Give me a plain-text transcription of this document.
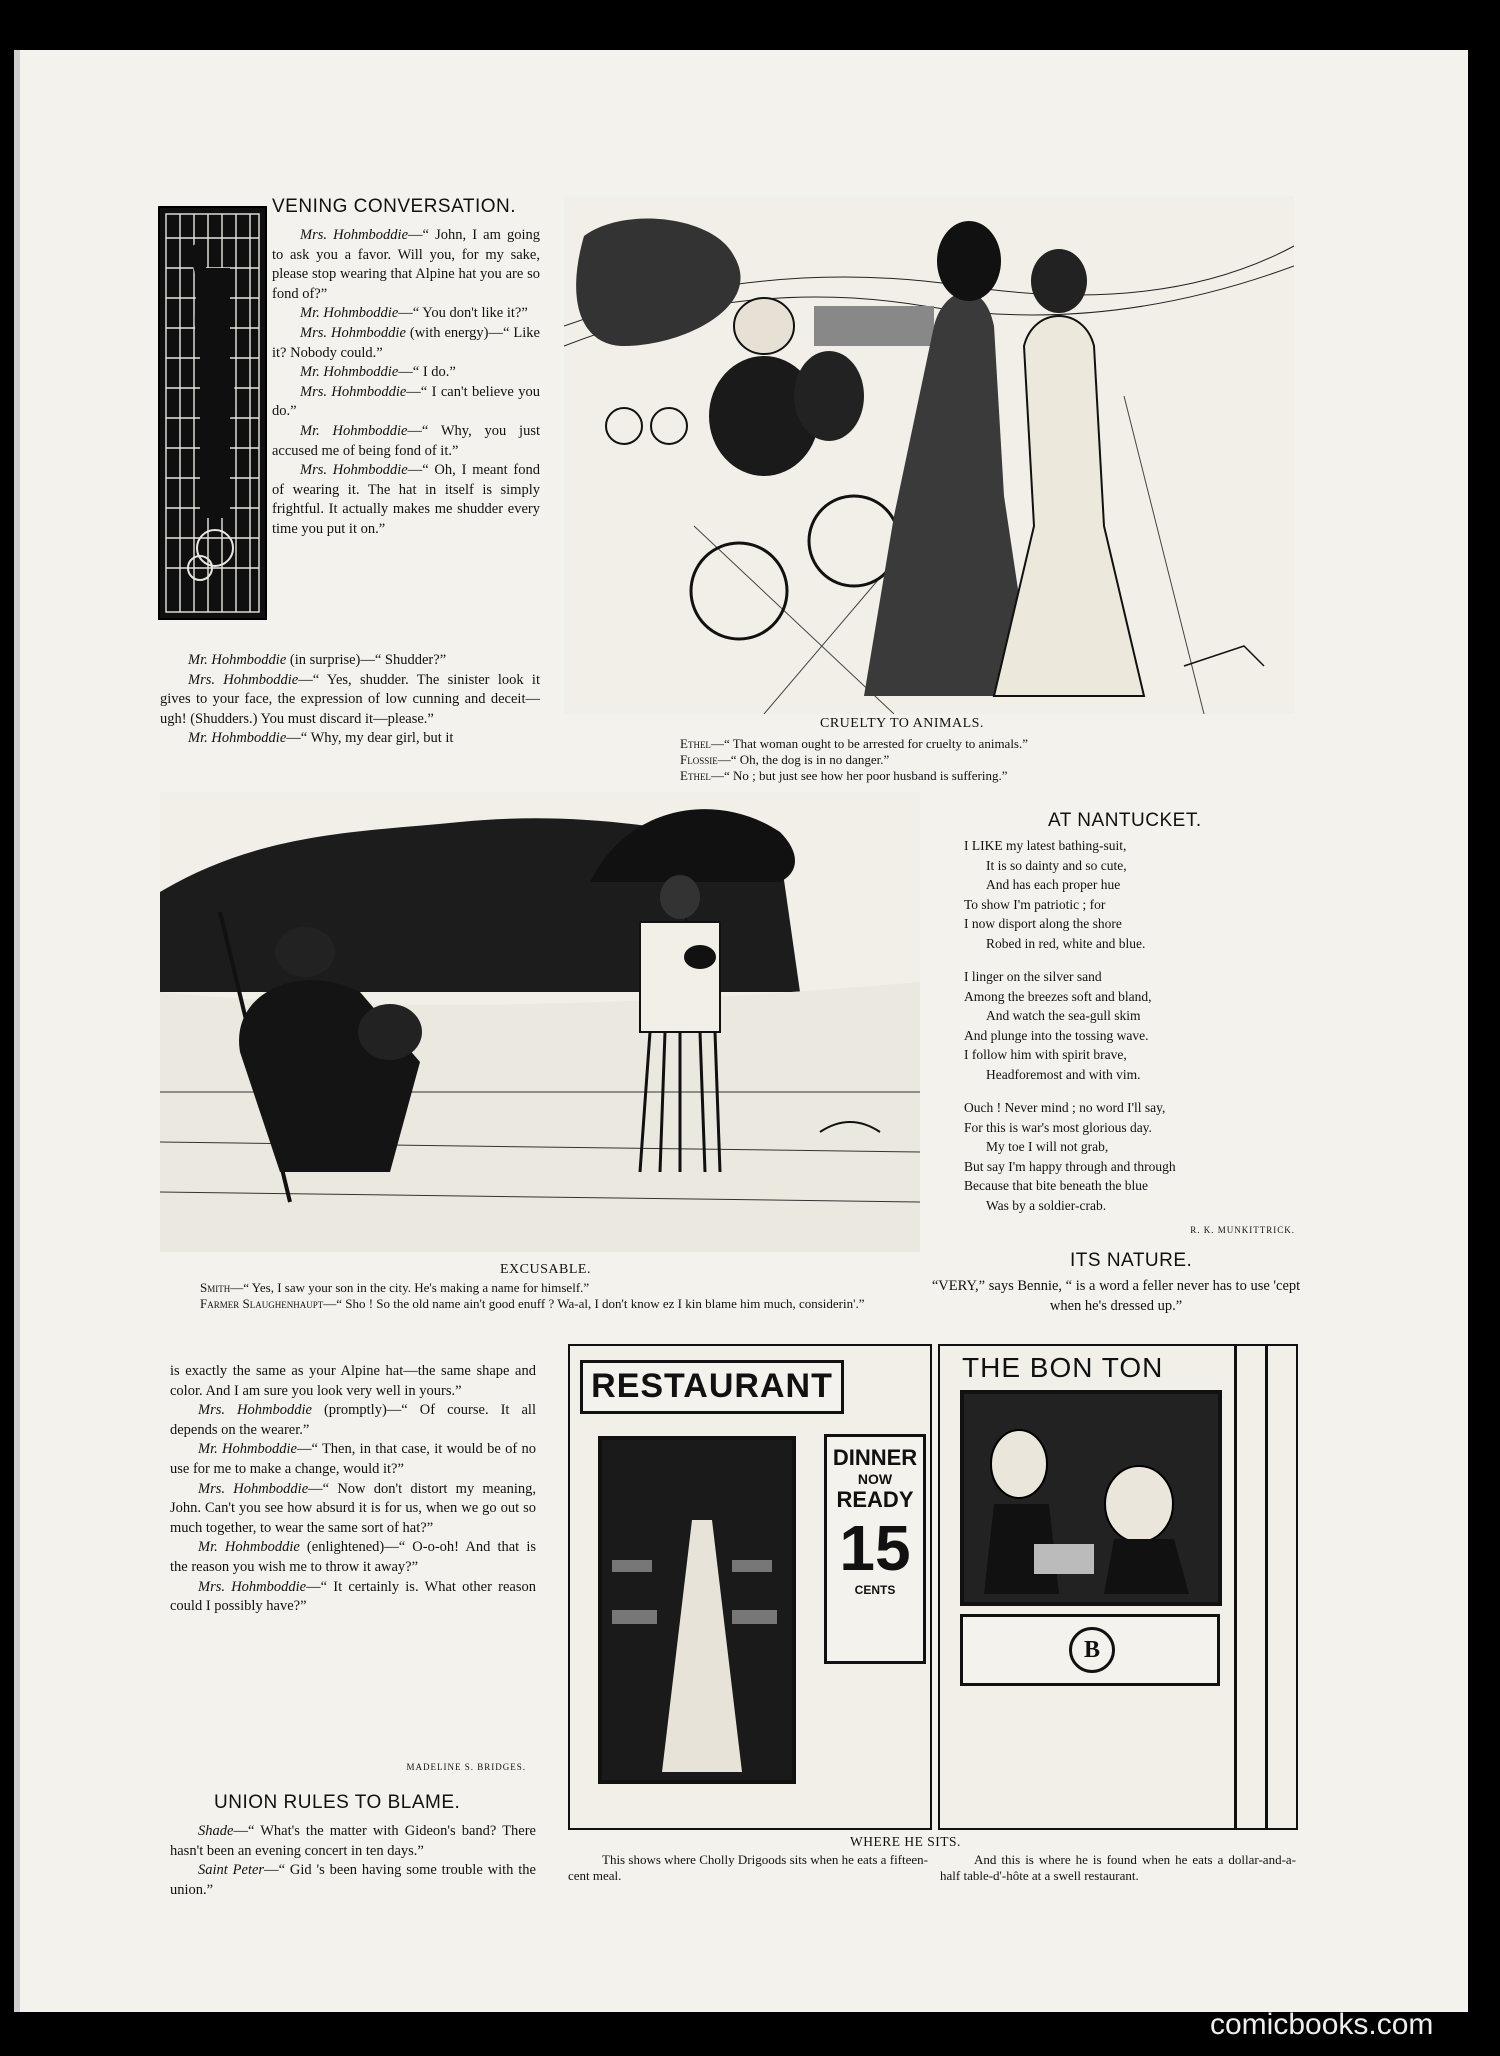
VENING CONVERSATION.

Mrs. Hohmboddie—“ John, I am going to ask you a favor. Will you, for my sake, please stop wearing that Alpine hat you are so fond of?”

Mr. Hohmboddie—“ You don't like it?”

Mrs. Hohmboddie (with energy)—“ Like it? Nobody could.”

Mr. Hohmboddie—“ I do.”

Mrs. Hohmboddie—“ I can't believe you do.”

Mr. Hohmboddie—“ Why, you just accused me of being fond of it.”

Mrs. Hohmboddie—“ Oh, I meant fond of wearing it. The hat in itself is simply frightful. It actually makes me shudder every time you put it on.”

Mr. Hohmboddie (in surprise)—“ Shudder?”

Mrs. Hohmboddie—“ Yes, shudder. The sinister look it gives to your face, the expression of low cunning and deceit—ugh! (Shudders.) You must discard it—please.”

Mr. Hohmboddie—“ Why, my dear girl, but it

CRUELTY TO ANIMALS.
Ethel—“ That woman ought to be arrested for cruelty to animals.”
Flossie—“ Oh, the dog is in no danger.”
Ethel—“ No ; but just see how her poor husband is suffering.”
EXCUSABLE.
Smith—“ Yes, I saw your son in the city. He's making a name for himself.”
Farmer Slaughenhaupt—“ Sho ! So the old name ain't good enuff ? Wa-al, I don't know ez I kin blame him much, considerin'.”
AT NANTUCKET.
I LIKE my latest bathing-suit,
It is so dainty and so cute,
And has each proper hue
To show I'm patriotic ; for
I now disport along the shore
Robed in red, white and blue.
I linger on the silver sand
Among the breezes soft and bland,
And watch the sea-gull skim
And plunge into the tossing wave.
I follow him with spirit brave,
Headforemost and with vim.
Ouch ! Never mind ; no word I'll say,
For this is war's most glorious day.
My toe I will not grab,
But say I'm happy through and through
Because that bite beneath the blue
Was by a soldier-crab.
R. K. MUNKITTRICK.
ITS NATURE.
“VERY,” says Bennie, “ is a word a feller never has to use 'cept when he's dressed up.”

is exactly the same as your Alpine hat—the same shape and color. And I am sure you look very well in yours.”

Mrs. Hohmboddie (promptly)—“ Of course. It all depends on the wearer.”

Mr. Hohmboddie—“ Then, in that case, it would be of no use for me to make a change, would it?”

Mrs. Hohmboddie—“ Now don't distort my meaning, John. Can't you see how absurd it is for us, when we go out so much together, to wear the same sort of hat?”

Mr. Hohmboddie (enlightened)—“ O-o-oh! And that is the reason you wish me to throw it away?”

Mrs. Hohmboddie—“ It certainly is. What other reason could I possibly have?”

MADELINE S. BRIDGES.
UNION RULES TO BLAME.

Shade—“ What's the matter with Gideon's band? There hasn't been an evening concert in ten days.”

Saint Peter—“ Gid 's been having some trouble with the union.”

RESTAURANT
DINNER
NOW
READY
15
CENTS
THE BON TON
B
WHERE HE SITS.
This shows where Cholly Drigoods sits when he eats a fifteen-cent meal.
And this is where he is found when he eats a dollar-and-a-half table-d'-hôte at a swell restaurant.
comicbooks.com
